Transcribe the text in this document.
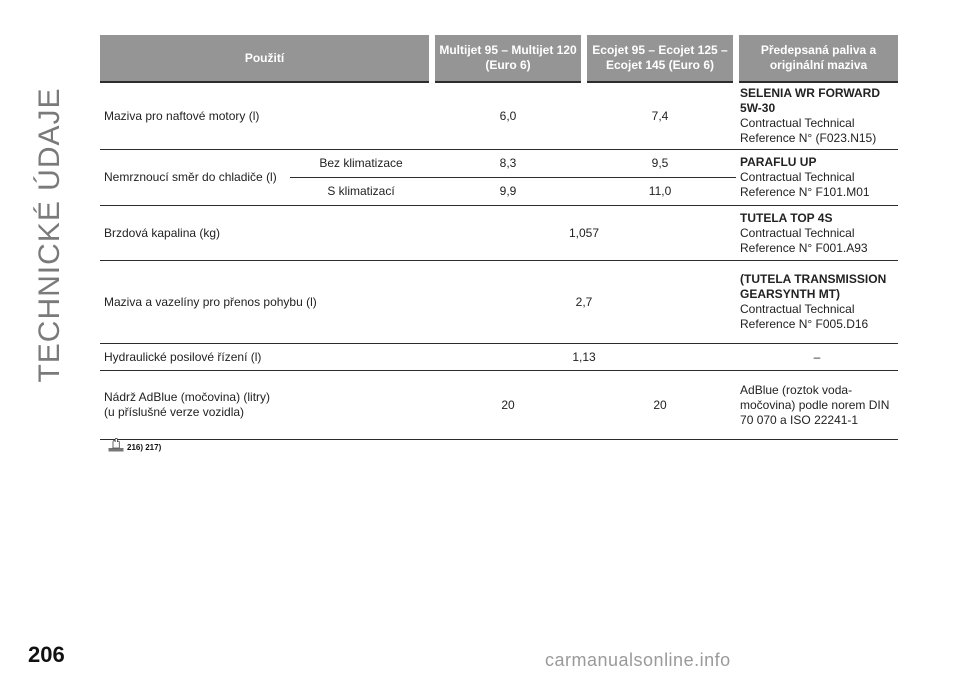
TECHNICKÉ ÚDAJE
Použití		Multijet 95 – Multijet 120 (Euro 6)	Ecojet 95 – Ecojet 125 – Ecojet 145 (Euro 6)	Předepsaná paliva a originální maziva
Maziva pro naftové motory (l)		6,0	7,4	SELENIA WR FORWARD 5W-30
Contractual Technical Reference N° (F023.N15)

Nemrznoucí směr do chladiče (l)	Bez klimatizace	8,3	9,5	PARAFLU UP
Contractual Technical Reference N° F101.M01

	S klimatizací	9,9	11,0	
Brzdová kapalina (kg)		1,057		TUTELA TOP 4S
Contractual Technical Reference N° F001.A93

Maziva a vazelíny pro přenos pohybu (l)		2,7		(TUTELA TRANSMISSION GEARSYNTH MT)
Contractual Technical Reference N° F005.D16

Hydraulické posilové řízení (l)		1,13		–

Nádrž AdBlue (močovina) (litry)
(u příslušné verze vozidla)		20	20	AdBlue (roztok voda-močovina) podle norem DIN 70 070 a ISO 22241-1
216) 217)
206	carmanualsonline.info
